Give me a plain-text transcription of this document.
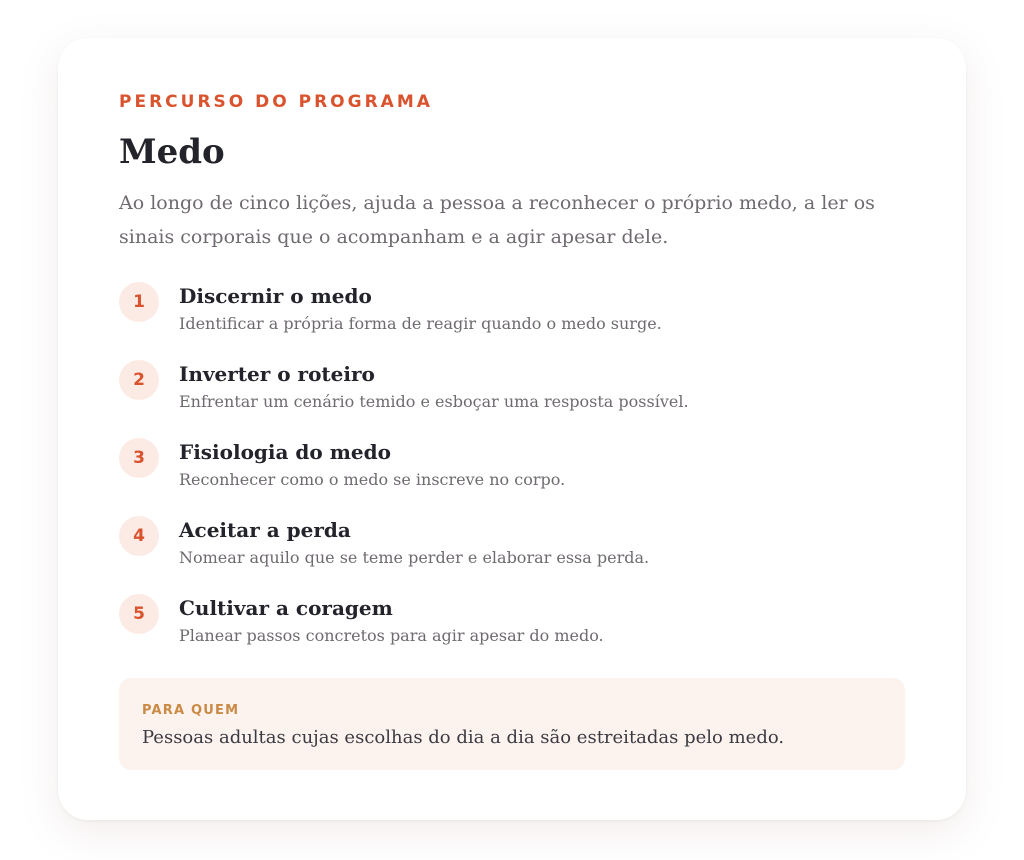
PERCURSO DO PROGRAMA

Medo

Ao longo de cinco lições, ajuda a pessoa a reconhecer o próprio medo, a ler os sinais corporais que o acompanham e a agir apesar dele.

1	Discernir o medo
Identificar a própria forma de reagir quando o medo surge.
2	Inverter o roteiro
Enfrentar um cenário temido e esboçar uma resposta possível.
3	Fisiologia do medo
Reconhecer como o medo se inscreve no corpo.
4	Aceitar a perda
Nomear aquilo que se teme perder e elaborar essa perda.
5	Cultivar a coragem
Planear passos concretos para agir apesar do medo.
PARA QUEM
Pessoas adultas cujas escolhas do dia a dia são estreitadas pelo medo.
